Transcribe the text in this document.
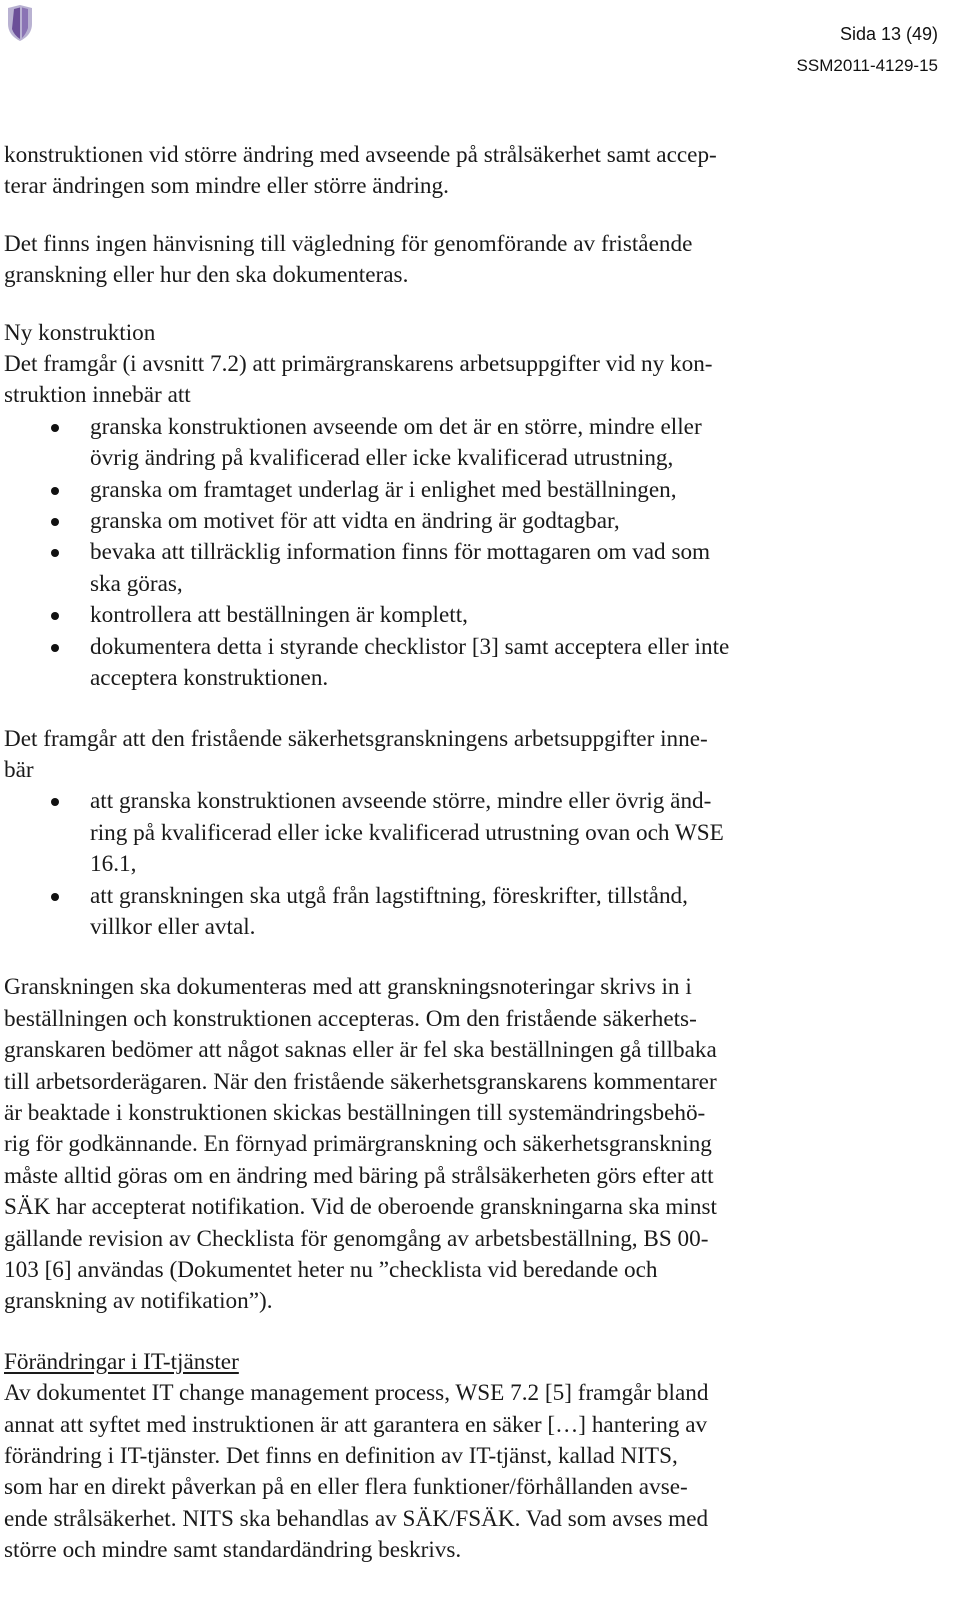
Sida 13 (49)
SSM2011-4129-15

konstruktionen vid större ändring med avseende på strålsäkerhet samt accep-
terar ändringen som mindre eller större ändring.

Det finns ingen hänvisning till vägledning för genomförande av fristående
granskning eller hur den ska dokumenteras.

Ny konstruktion

Det framgår (i avsnitt 7.2) att primärgranskarens arbetsuppgifter vid ny kon-
struktion innebär att

granska konstruktionen avseende om det är en större, mindre eller
övrig ändring på kvalificerad eller icke kvalificerad utrustning,
granska om framtaget underlag är i enlighet med beställningen,
granska om motivet för att vidta en ändring är godtagbar,
bevaka att tillräcklig information finns för mottagaren om vad som
ska göras,
kontrollera att beställningen är komplett,
dokumentera detta i styrande checklistor [3] samt acceptera eller inte
acceptera konstruktionen.

Det framgår att den fristående säkerhetsgranskningens arbetsuppgifter inne-
bär

att granska konstruktionen avseende större, mindre eller övrig änd-
ring på kvalificerad eller icke kvalificerad utrustning ovan och WSE
16.1,
att granskningen ska utgå från lagstiftning, föreskrifter, tillstånd,
villkor eller avtal.

Granskningen ska dokumenteras med att granskningsnoteringar skrivs in i
beställningen och konstruktionen accepteras. Om den fristående säkerhets-
granskaren bedömer att något saknas eller är fel ska beställningen gå tillbaka
till arbetsorderägaren. När den fristående säkerhetsgranskarens kommentarer
är beaktade i konstruktionen skickas beställningen till systemändringsbehö-
rig för godkännande. En förnyad primärgranskning och säkerhetsgranskning
måste alltid göras om en ändring med bäring på strålsäkerheten görs efter att
SÄK har accepterat notifikation. Vid de oberoende granskningarna ska minst
gällande revision av Checklista för genomgång av arbetsbeställning, BS 00-
103 [6] användas (Dokumentet heter nu ”checklista vid beredande och
granskning av notifikation”).

Förändringar i IT-tjänster

Av dokumentet IT change management process, WSE 7.2 [5] framgår bland
annat att syftet med instruktionen är att garantera en säker […] hantering av
förändring i IT-tjänster. Det finns en definition av IT-tjänst, kallad NITS,
som har en direkt påverkan på en eller flera funktioner/förhållanden avse-
ende strålsäkerhet. NITS ska behandlas av SÄK/FSÄK. Vad som avses med
större och mindre samt standardändring beskrivs.
